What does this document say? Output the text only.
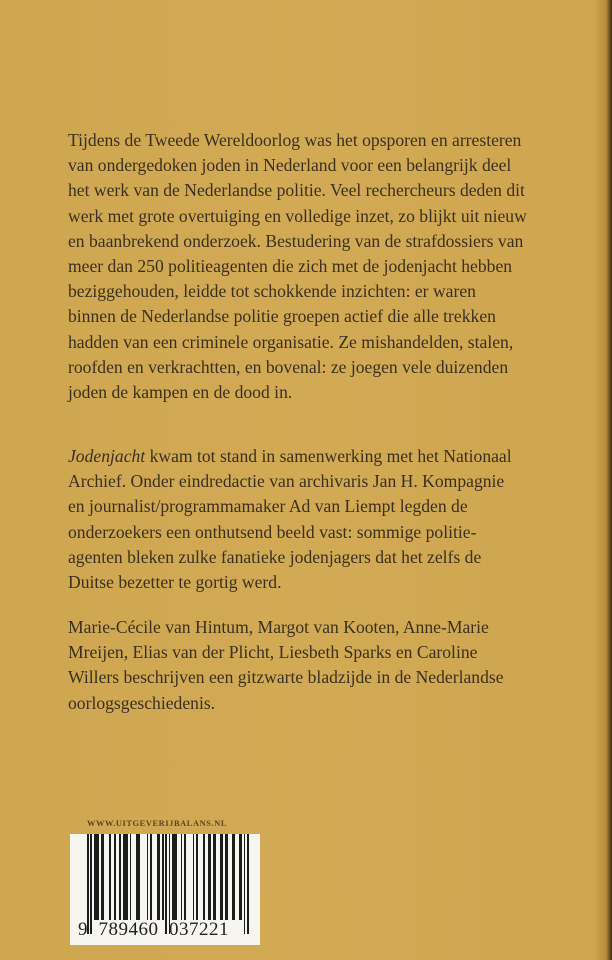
Tijdens de Tweede Wereldoorlog was het opsporen en arresteren
van ondergedoken joden in Nederland voor een belangrijk deel
het werk van de Nederlandse politie. Veel rechercheurs deden dit
werk met grote overtuiging en volledige inzet, zo blijkt uit nieuw
en baanbrekend onderzoek. Bestudering van de strafdossiers van
meer dan 250 politieagenten die zich met de jodenjacht hebben
beziggehouden, leidde tot schokkende inzichten: er waren
binnen de Nederlandse politie groepen actief die alle trekken
hadden van een criminele organisatie. Ze mishandelden, stalen,
roofden en verkrachtten, en bovenal: ze joegen vele duizenden
joden de kampen en de dood in.

Jodenjacht kwam tot stand in samenwerking met het Nationaal
Archief. Onder eindredactie van archivaris Jan H. Kompagnie
en journalist/programmamaker Ad van Liempt legden de
onderzoekers een onthutsend beeld vast: sommige politie-
agenten bleken zulke fanatieke jodenjagers dat het zelfs de
Duitse bezetter te gortig werd.

Marie-Cécile van Hintum, Margot van Kooten, Anne-Marie
Mreijen, Elias van der Plicht, Liesbeth Sparks en Caroline
Willers beschrijven een gitzwarte bladzijde in de Nederlandse
oorlogsgeschiedenis.

WWW.UITGEVERIJBALANS.NL
9 789460 037221
